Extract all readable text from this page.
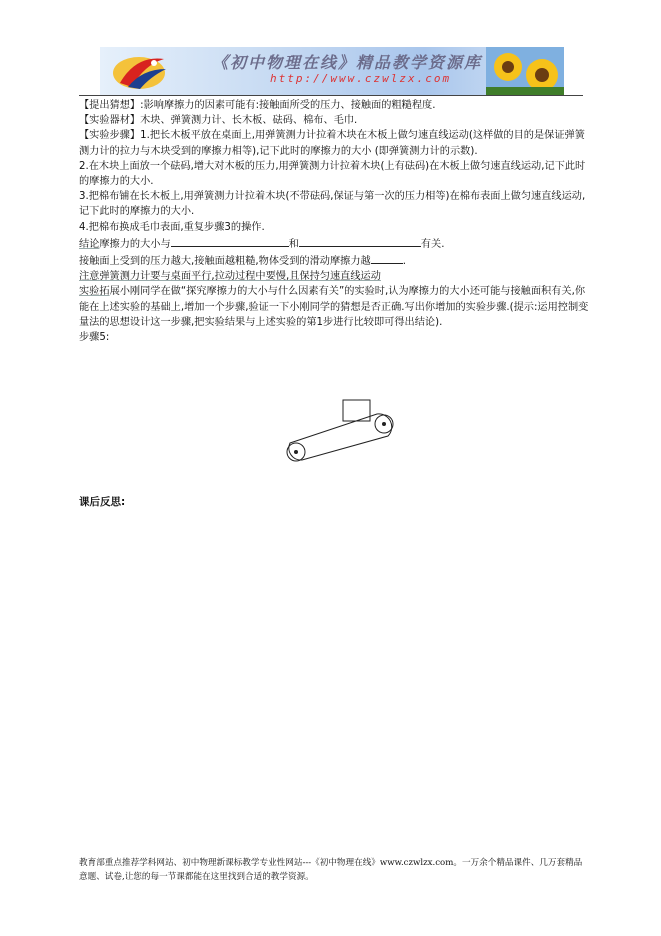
《初中物理在线》精品教学资源库
http://www.czwlzx.com

【提出猜想】:影响摩擦力的因素可能有:接触面所受的压力、接触面的粗糙程度.

【实验器材】木块、弹簧测力计、长木板、砝码、棉布、毛巾.

【实验步骤】1.把长木板平放在桌面上,用弹簧测力计拉着木块在木板上做匀速直线运动(这样做的目的是保证弹簧测力计的拉力与木块受到的摩擦力相等),记下此时的摩擦力的大小 (即弹簧测力计的示数).

2.在木块上面放一个砝码,增大对木板的压力,用弹簧测力计拉着木块(上有砝码)在木板上做匀速直线运动,记下此时的摩擦力的大小.

3.把棉布铺在长木板上,用弹簧测力计拉着木块(不带砝码,保证与第一次的压力相等)在棉布表面上做匀速直线运动,记下此时的摩擦力的大小.

4.把棉布换成毛巾表面,重复步骤3的操作.

结论摩擦力的大小与	和	有关.

接触面上受到的压力越大,接触面越粗糙,物体受到的滑动摩擦力越	.

注意弹簧测力计要与桌面平行,拉动过程中要慢,且保持匀速直线运动

实验拓展小刚同学在做“探究摩擦力的大小与什么因素有关”的实验时,认为摩擦力的大小还可能与接触面积有关,你能在上述实验的基础上,增加一个步骤,验证一下小刚同学的猜想是否正确.写出你增加的实验步骤.(提示:运用控制变量法的思想设计这一步骤,把实验结果与上述实验的第1步进行比较即可得出结论).

步骤5:

课后反思:
教育部重点推荐学科网站、初中物理新课标教学专业性网站---《初中物理在线》www.czwlzx.com。一万余个精品课件、几万套精品意题、试卷,让您的每一节课都能在这里找到合适的教学资源。
